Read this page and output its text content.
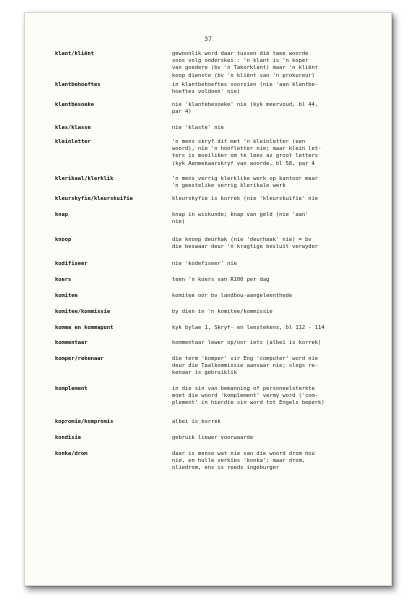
37
klant/kliënt	gewoonlik word daar tussen dié twee woorde
soos volg onderskei : 'n klant is 'n koper
van goedere (bv 'n Takorklant) maar 'n kliënt
koop dienste (bv 'n kliënt van 'n prokureur)
klantbehoeftes	in klantbehoeftes voorsien (nie 'aan klantbe-
hoeftes voldoen' nie)
klantbesoeke	nie 'klantebesoeke' nie (kyk meervoud, bl 44,
par 4)
klas/klasse	nie 'klaste' nie
kleinletter	'n mens skryf dit met 'n kleinletter (een
woord), nie 'n hoofletter nie; maar klein let-
ters is moeiliker om te lees as groot letters
(kyk Aanmekaarskryf van woorde, bl 58, par 4
klerikaal/klerklik	'n mens verrig klerklike werk op kantoor maar
'n geestelike verrig klerikale werk
kleurskyfie/kleurskuifie	kleurskyfie is korrek (nie 'kleurskuifie' nie
knap	knap in wiskunde; knap van geld (nie 'aan'
nie)
knoop	die knoop deurhak (nie 'deurhaak' nie) = bv
die beswaar deur 'n kragtige besluit verwyder
kodifiseer	nie 'kodefiseer' nie
koers	teen 'n koers van R100 per dag
komitee	komitee oor bv landbou-aangeleenthede
komitee/kommissie	by dien in 'n komitee/kommissie
komma en kommapunt	kyk bylae 1, Skryf- en leestekens, bl 112 - 114
kommentaar	kommentaar lewer op/oor iets (albei is korrek)
komper/rekenaar	die term 'komper' vir Eng 'computer' word nie
deur die Taalkommissie aanvaar nie; slegs re-
kenaar is gebruiklik
komplement	in die sin van bemanning of personeelsterkte
moet die woord 'komplement' vermy word ('com-
plement' in hierdie sin word tot Engels beperk)
kopromie/kompromis	albei is korrek
kondisie	gebruik liewer voorwaarde
konka/drom	daar is mense wat nie van die woord drom hou
nie, en hulle verkies 'konka'; maar drom,
oliedrom, ens is reeds ingeburger
